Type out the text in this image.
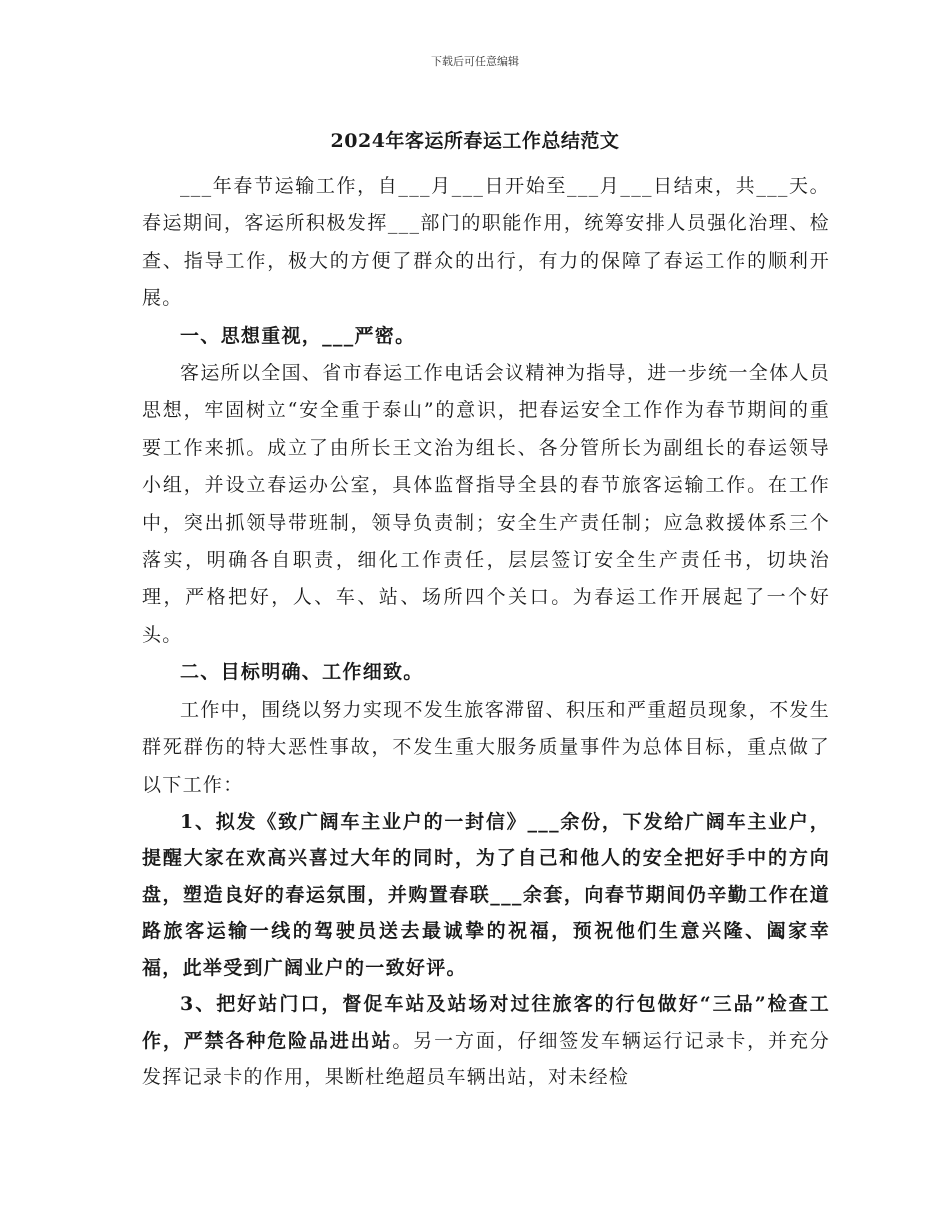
下载后可任意编辑
2024年客运所春运工作总结范文

___年春节运输工作，自___月___日开始至___月___日结束，共___天。春运期间，客运所积极发挥___部门的职能作用，统筹安排人员强化治理、检查、指导工作，极大的方便了群众的出行，有力的保障了春运工作的顺利开展。

一、思想重视，___严密。

客运所以全国、省市春运工作电话会议精神为指导，进一步统一全体人员思想，牢固树立“安全重于泰山”的意识，把春运安全工作作为春节期间的重要工作来抓。成立了由所长王文治为组长、各分管所长为副组长的春运领导小组，并设立春运办公室，具体监督指导全县的春节旅客运输工作。在工作中，突出抓领导带班制，领导负责制；安全生产责任制；应急救援体系三个落实，明确各自职责，细化工作责任，层层签订安全生产责任书，切块治理，严格把好，人、车、站、场所四个关口。为春运工作开展起了一个好头。

二、目标明确、工作细致。

工作中，围绕以努力实现不发生旅客滞留、积压和严重超员现象，不发生群死群伤的特大恶性事故，不发生重大服务质量事件为总体目标，重点做了以下工作：

1、拟发《致广阔车主业户的一封信》___余份，下发给广阔车主业户，提醒大家在欢高兴喜过大年的同时，为了自己和他人的安全把好手中的方向盘，塑造良好的春运氛围，并购置春联___余套，向春节期间仍辛勤工作在道路旅客运输一线的驾驶员送去最诚挚的祝福，预祝他们生意兴隆、阖家幸福，此举受到广阔业户的一致好评。

3、把好站门口，督促车站及站场对过往旅客的行包做好“三品”检查工作，严禁各种危险品进出站。另一方面，仔细签发车辆运行记录卡，并充分发挥记录卡的作用，果断杜绝超员车辆出站，对未经检
